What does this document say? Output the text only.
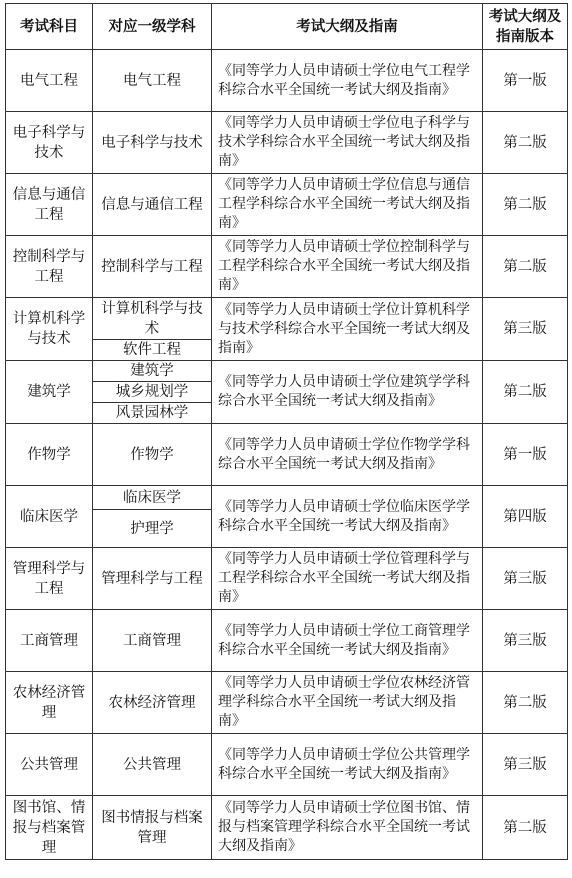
考试科目	对应一级学科	考试大纲及指南	考试大纲及指南版本
电气工程	电气工程	《同等学力人员申请硕士学位电气工程学科综合水平全国统一考试大纲及指南》	第一版
电子科学与技术	电子科学与技术	《同等学力人员申请硕士学位电子科学与技术学科综合水平全国统一考试大纲及指南》	第二版
信息与通信工程	信息与通信工程	《同等学力人员申请硕士学位信息与通信工程学科综合水平全国统一考试大纲及指南》	第二版
控制科学与工程	控制科学与工程	《同等学力人员申请硕士学位控制科学与工程学科综合水平全国统一考试大纲及指南》	第二版
计算机科学与技术	计算机科学与技术	《同等学力人员申请硕士学位计算机科学与技术学科综合水平全国统一考试大纲及指南》	第三版
	软件工程		
建筑学	建筑学	《同等学力人员申请硕士学位建筑学学科综合水平全国统一考试大纲及指南》	第二版
	城乡规划学		
	风景园林学		
作物学	作物学	《同等学力人员申请硕士学位作物学学科综合水平全国统一考试大纲及指南》	第一版
临床医学	临床医学	《同等学力人员申请硕士学位临床医学学科综合水平全国统一考试大纲及指南》	第四版
	护理学		
管理科学与工程	管理科学与工程	《同等学力人员申请硕士学位管理科学与工程学科综合水平全国统一考试大纲及指南》	第三版
工商管理	工商管理	《同等学力人员申请硕士学位工商管理学科综合水平全国统一考试大纲及指南》	第三版
农林经济管理	农林经济管理	《同等学力人员申请硕士学位农林经济管理学科综合水平全国统一考试大纲及指南》	第二版
公共管理	公共管理	《同等学力人员申请硕士学位公共管理学科综合水平全国统一考试大纲及指南》	第三版
图书馆、情报与档案管理	图书情报与档案管理	《同等学力人员申请硕士学位图书馆、情报与档案管理学科综合水平全国统一考试大纲及指南》	第二版
